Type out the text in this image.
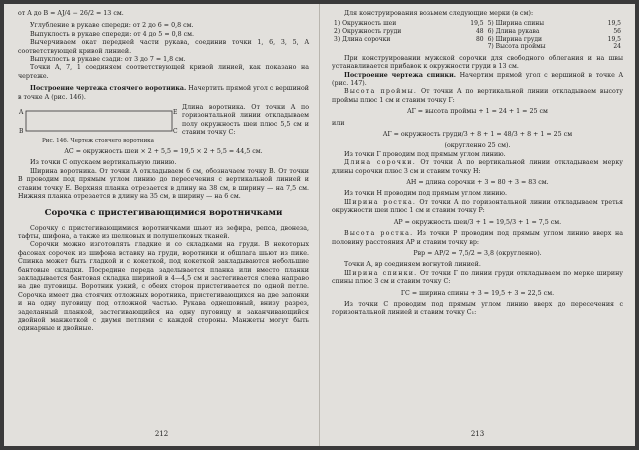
от A до B = AJ/4 − 26/2 = 13 см.

Углубление в рукаве спереди: от 2 до 6 = 0,8 см.

Выпуклость в рукаве спереди: от 4 до 5 = 0,8 см.

Вычерчиваем окат передней части рукава, соединив точки 1, 6, 3, 5, A соответствующей кривой линией.

Выпуклость в рукаве сзади: от 3 до 7 = 1,8 см.

Точки A, 7, 1 соединяем соответствующей кривой линией, как показано на чертеже.

Построение чертежа стоячего воротника. Начертить прямой угол с вершиной в точке A (рис. 146).

A
B
E
C
Рис. 146. Чертеж стоячего воротника

Длина воротника. От точки A по горизонтальной линии откладываем полу окружность шеи плюс 5,5 см и ставим точку C:

AC = окружность шеи × 2 + 5,5 = 19,5 × 2 + 5,5 = 44,5 см.

Из точки C опускаем вертикальную линию.

Ширина воротника. От точки A откладываем 6 см, обозначаем точку B. От точки B проводим под прямым углом линию до пересечения с вертикальной линией и ставим точку E. Верхняя планка отрезается в длину на 38 см, в ширину — на 7,5 см. Нижняя планка отрезается в длину на 35 см, в ширину — на 6 см.

Сорочка с пристегивающимися воротничками

Сорочку с пристегивающимися воротничками шьют из зефира, репса, двонеза, тафты, шифона, а также из шелковых и полушелковых тканей.

Сорочки можно изготовлять гладкие и со складками на груди. В некоторых фасонах сорочек из шифона вставку на груди, воротники и обшлага шьют из пике. Спинка может быть гладкой и с кокеткой, под кокеткой закладываются небольшие бантовые складки. Посредине переда заделывается планка или вместо планки закладывается бантовая складка шириной в 4—4,5 см и застегивается слева направо на две пуговицы. Воротник узкий, с обеих сторон пристегивается по одной петле. Сорочка имеет два стоячих отложных воротника, пристегивающихся на две запонки и на одну пуговицу под отложной частью. Рукава однешовный, внизу разрез, заделанный планкой, застегивающийся на одну пуговицу и заканчивающийся двойной манжеткой с двумя петлями с каждой стороны. Манжеты могут быть одинарные и двойные.

212

Для конструирования возьмем следующие мерки (в см):

1) Окружность шеи	19,5	5) Ширина спины	19,5
2) Окружность груди	48	6) Длина рукава	56
3) Длина сорочки	80	6) Ширина груди	19,5
		7) Высота проймы	24

При конструировании мужской сорочки для свободного облегания и на швы устанавливается прибавок к окружности груди в 13 см.

Построение чертежа спинки. Начертим прямой угол с вершиной в точке A (рис. 147).

Высота проймы. От точки A по вертикальной линии откладываем высоту проймы плюс 1 см и ставим точку Г:

AГ = высота проймы + 1 = 24 + 1 = 25 см

или

AГ = окружность груди/3 + 8 + 1 = 48/3 + 8 + 1 = 25 см

(округленно 25 см).

Из точки Г проводим под прямым углом линию.

Длина сорочки. От точки A по вертикальной линии откладываем мерку длины сорочки плюс 3 см и ставим точку H:

AH = длина сорочки + 3 = 80 + 3 = 83 см.

Из точки H проводим под прямым углом линию.

Ширина ростка. От точки A по горизонтальной линии откладываем третья окружности шеи плюс 1 см и ставим точку P:

AP = окружность шеи/3 + 1 = 19,5/3 + 1 = 7,5 см.

Высота ростка. Из точки P проводим под прямым углом линию вверх на половину расстояния AP и ставим точку вр:

Pвр = AP/2 = 7,5/2 = 3,8 (округленно).

Точки A, вр соединяем вогнутой линией.

Ширина спинки. От точки Г по линии груди откладываем по мерке ширину спины плюс 3 см и ставим точку С:

ГС = ширина спины + 3 = 19,5 + 3 = 22,5 см.

Из точки С проводим под прямым углом линию вверх до пересечения с горизонтальной линией и ставим точку С₁:

213
